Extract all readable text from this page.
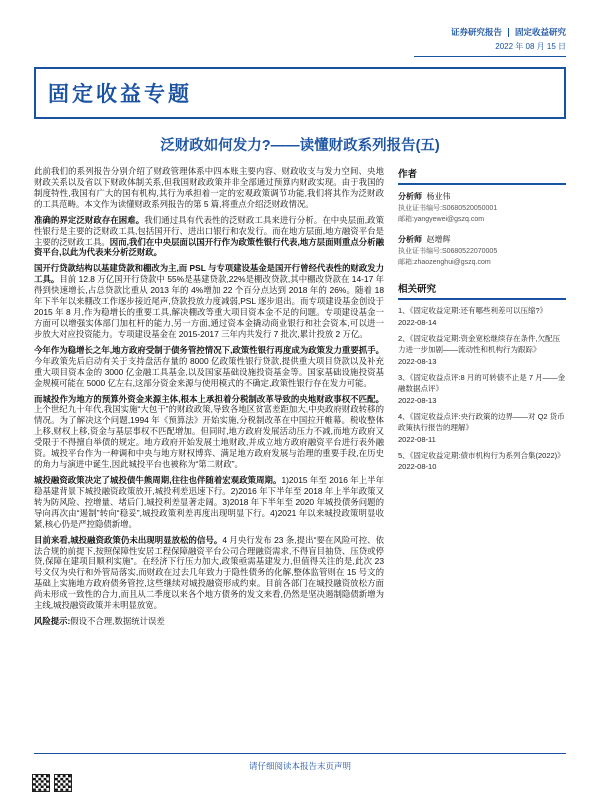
证券研究报告 固定收益研究
2022 年 08 月 15 日
固定收益专题
泛财政如何发力?——读懂财政系列报告(五)
此前我们的系列报告分别介绍了财政管理体系中四本账主要内容、财政收支与发力空间、央地财政关系以及省以下财政体制关系,但我国财政政策并非全部通过预算内财政实现。由于我国的制度特性,我国有广大的国有机构,其行为承担着一定的宏观政策调节功能,我们将其作为泛财政的工具范畴。本文作为读懂财政系列报告的第 5 篇,将重点介绍泛财政情况。
准确的界定泛财政存在困难。我们通过具有代表性的泛财政工具来进行分析。在中央层面,政策性银行是主要的泛财政工具,包括国开行、进出口银行和农发行。而在地方层面,地方融资平台是主要的泛财政工具。因而,我们在中央层面以国开行作为政策性银行代表,地方层面则重点分析融资平台,以此为代表来分析泛财政。
国开行贷款结构以基建贷款和棚改为主,而 PSL 与专项建设基金是国开行曾经代表性的财政发力工具。目前 12.8 万亿国开行贷款中 55%是基建贷款,22%是棚改贷款,其中棚改贷款在 14-17 年得到快速增长,占总贷款比重从 2013 年的 4%增加 22 个百分点达到 2018 年的 26%。随着 18 年下半年以来棚改工作逐步接近尾声,贷款投放力度减弱,PSL 逐步退出。而专项建设基金创设于 2015 年 8 月,作为稳增长的重要工具,解决棚改等重大项目资本金不足的问题。专项建设基金一方面可以增强实体部门加杠杆的能力,另一方面,通过资本金撬动商业银行和社会资本,可以进一步放大对应投资能力。专项建设基金在 2015-2017 三年内共发行 7 批次,累计投放 2 万亿。
今年作为稳增长之年,地方政府受制于债务管控情况下,政策性银行再度成为政策发力重要抓手。今年政策先后启动有关于支持盘活存量的 8000 亿政策性银行贷款,提供重大项目贷款以及补充重大项目资本金的 3000 亿金融工具基金,以及国家基础设施投资基金等。国家基础设施投资基金规模可能在 5000 亿左右,这部分资金来源与使用模式的不确定,政策性银行存在发力可能。
而城投作为地方的预算外资金来源主体,根本上承担着分税制改革导致的央地财政事权不匹配。上个世纪九十年代,我国实施“大包干”的财政政策,导致各地区贫富差距加大,中央政府财政转移的情况。为了解决这个问题,1994 年《预算法》开始实施,分税制改革在中国拉开帷幕。税收整体上移,财权上移,资金与基层事权不匹配增加。但同时,地方政府发展活动压力不减,而地方政府又受限于不得擅自举债的规定。地方政府开始发展土地财政,并成立地方政府融资平台进行表外融资。城投平台作为一种调和中央与地方财权博弈、满足地方政府发展与治理的重要手段,在历史的角力与演进中诞生,因此城投平台也被称为“第二财政”。
城投融资政策决定了城投债牛熊周期,往往也伴随着宏观政策周期。1)2015 年至 2016 年上半年稳基建背景下城投融资政策放开,城投利差迅速下行。2)2016 年下半年至 2018 年上半年政策又转为防风险、控增量、堵后门,城投利差显著走阔。3)2018 年下半年至 2020 年城投债务问题的导向再次由“遏制”转向“稳妥”,城投政策利差再度出现明显下行。4)2021 年以来城投政策明显收紧,核心仍是严控隐债新增。
目前来看,城投融资政策仍未出现明显放松的信号。4 月央行发布 23 条,提出“要在风险可控、依法合规的前提下,按照保障性安居工程保障融资平台公司合理融资需求,不得盲目抽贷、压贷或停贷,保障在建项目顺利实施”。在经济下行压力加大,政策亟需基建发力,但值得关注的是,此次 23 号文仅为央行和外管局落实,而财政在过去几年致力于隐性债务的化解,整体监管则在 15 号文的基础上实施地方政府债务管控,这些继续对城投融资形成约束。目前各部门在城投融资放松方面尚未形成一致性的合力,而且从二季度以来各个地方债务的发文来看,仍然是坚决遏制隐债新增为主线,城投融资政策并未明显放宽。
风险提示:假设不合理,数据统计误差
作者
分析师 杨业伟
执业证书编号:S0680520050001
邮箱:yangyewei@gszq.com
分析师 赵增辉
执业证书编号:S0680522070005
邮箱:zhaozenghui@gszq.com
相关研究
1、《固定收益定期:还有哪些利差可以压缩?》
2022-08-14
2、《固定收益定期:资金宽松继续存在条件,欠配压力进一步加剧——流动性和机构行为跟踪》
2022-08-13
3、《固定收益点评:8 月的可转债不止是 7 月——金融数据点评》
2022-08-13
4、《固定收益点评:央行政策的边界——对 Q2 货币政策执行报告的理解》
2022-08-11
5、《固定收益定期:债市机构行为系列合集(2022)》
2022-08-10
请仔细阅读本报告末页声明
